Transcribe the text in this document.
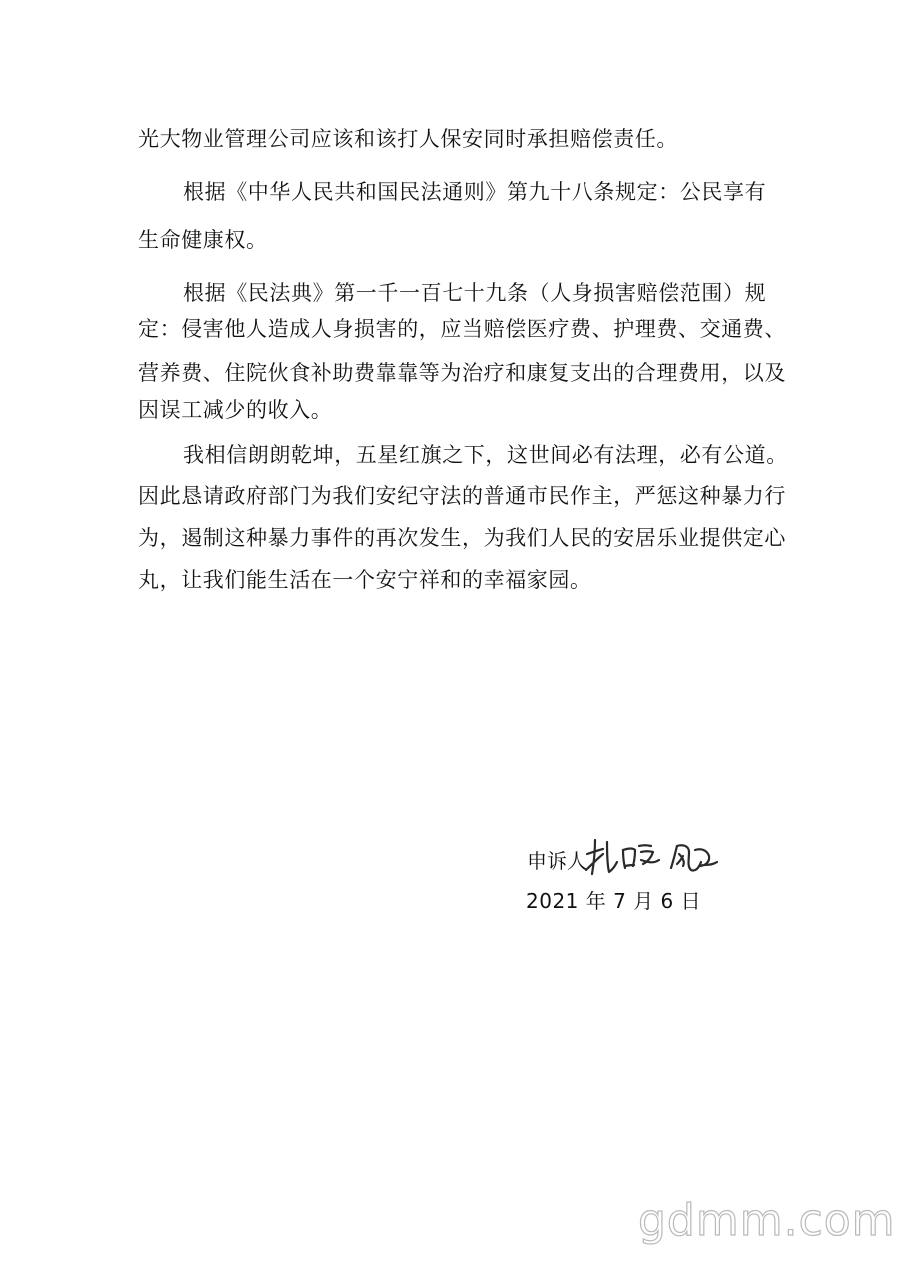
光大物业管理公司应该和该打人保安同时承担赔偿责任。
根据《中华人民共和国民法通则》第九十八条规定：公民享有
生命健康权。
根据《民法典》第一千一百七十九条（人身损害赔偿范围）规
定：侵害他人造成人身损害的，应当赔偿医疗费、护理费、交通费、
营养费、住院伙食补助费靠靠等为治疗和康复支出的合理费用，以及
因误工减少的收入。
我相信朗朗乾坤，五星红旗之下，这世间必有法理，必有公道。
因此恳请政府部门为我们安纪守法的普通市民作主，严惩这种暴力行
为，遏制这种暴力事件的再次发生，为我们人民的安居乐业提供定心
丸，让我们能生活在一个安宁祥和的幸福家园。
申诉人
2021 年 7 月 6 日
gdmm.com
